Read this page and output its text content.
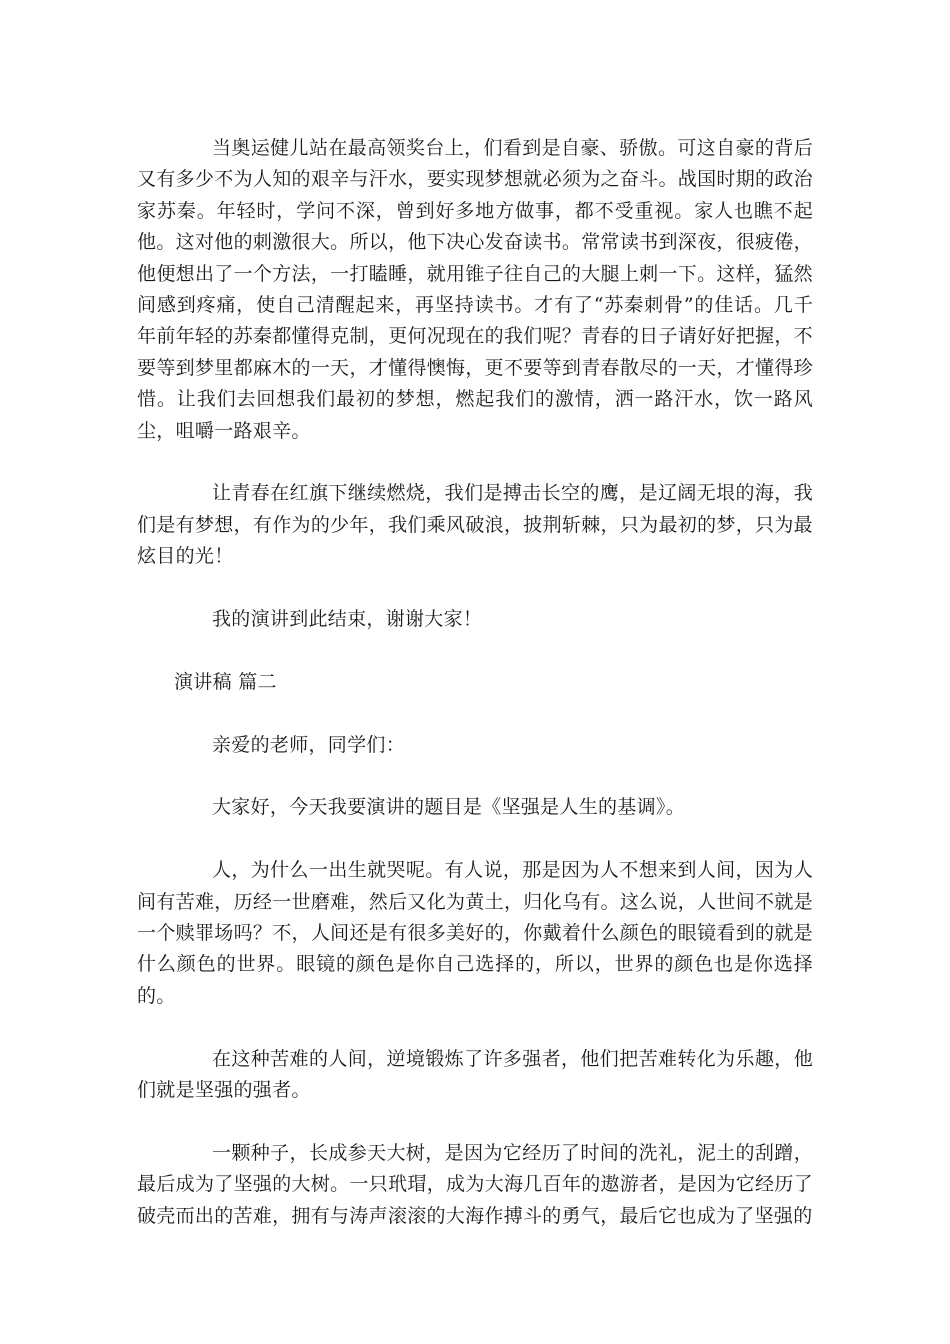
当奥运健儿站在最高领奖台上，们看到是自豪、骄傲。可这自豪的背后又有多少不为人知的艰辛与汗水，要实现梦想就必须为之奋斗。战国时期的政治家苏秦。年轻时，学问不深，曾到好多地方做事，都不受重视。家人也瞧不起他。这对他的刺激很大。所以，他下决心发奋读书。常常读书到深夜，很疲倦，他便想出了一个方法，一打瞌睡，就用锥子往自己的大腿上刺一下。这样，猛然间感到疼痛，使自己清醒起来，再坚持读书。才有了“苏秦刺骨”的佳话。几千年前年轻的苏秦都懂得克制，更何况现在的我们呢？青春的日子请好好把握，不要等到梦里都麻木的一天，才懂得懊悔，更不要等到青春散尽的一天，才懂得珍惜。让我们去回想我们最初的梦想，燃起我们的激情，洒一路汗水，饮一路风尘，咀嚼一路艰辛。

让青春在红旗下继续燃烧，我们是搏击长空的鹰，是辽阔无垠的海，我们是有梦想，有作为的少年，我们乘风破浪，披荆斩棘，只为最初的梦，只为最炫目的光！

我的演讲到此结束，谢谢大家！

演讲稿 篇二

亲爱的老师，同学们：

大家好，今天我要演讲的题目是《坚强是人生的基调》。

人，为什么一出生就哭呢。有人说，那是因为人不想来到人间，因为人间有苦难，历经一世磨难，然后又化为黄土，归化乌有。这么说，人世间不就是一个赎罪场吗？不，人间还是有很多美好的，你戴着什么颜色的眼镜看到的就是什么颜色的世界。眼镜的颜色是你自己选择的，所以，世界的颜色也是你选择的。

在这种苦难的人间，逆境锻炼了许多强者，他们把苦难转化为乐趣，他们就是坚强的强者。

一颗种子，长成参天大树，是因为它经历了时间的洗礼，泥土的刮蹭，最后成为了坚强的大树。一只玳瑁，成为大海几百年的遨游者，是因为它经历了破壳而出的苦难，拥有与涛声滚滚的大海作搏斗的勇气，最后它也成为了坚强的
